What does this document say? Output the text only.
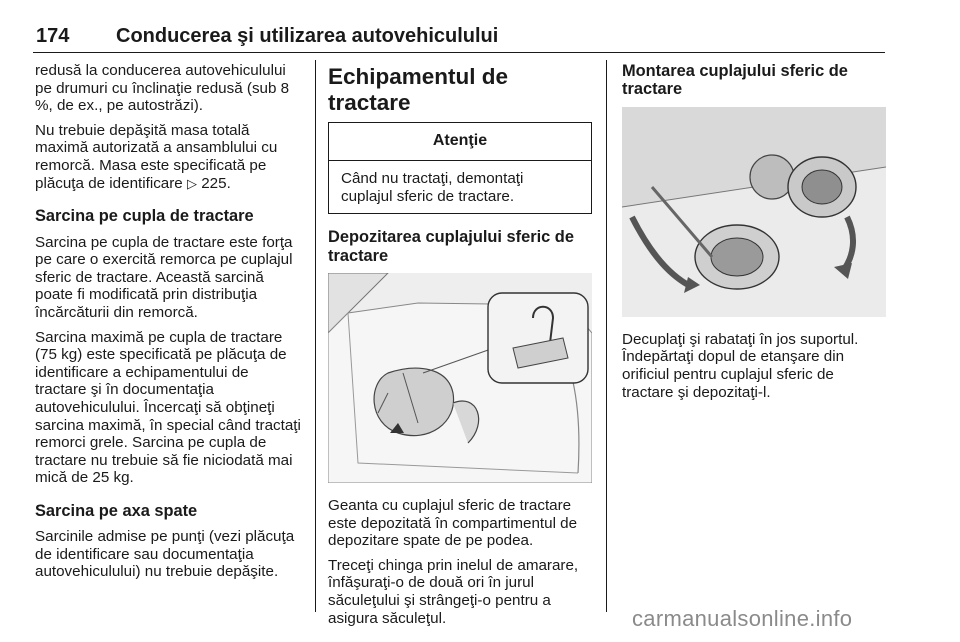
174 Conducerea şi utilizarea autovehiculului

redusă la conducerea autovehiculului pe drumuri cu înclinaţie redusă (sub 8 %, de ex., pe autostrăzi).

Nu trebuie depăşită masa totală maximă autorizată a ansamblului cu remorcă. Masa este specificată pe plăcuţa de identificare ▷ 225.

Sarcina pe cupla de tractare

Sarcina pe cupla de tractare este forţa pe care o exercită remorca pe cuplajul sferic de tractare. Această sarcină poate fi modificată prin distribuţia încărcăturii din remorcă.

Sarcina maximă pe cupla de tractare (75 kg) este specificată pe plăcuţa de identificare a echipamentului de tractare şi în documentaţia autovehiculului. Încercaţi să obţineţi sarcina maximă, în special când tractaţi remorci grele. Sarcina pe cupla de tractare nu trebuie să fie niciodată mai mică de 25 kg.

Sarcina pe axa spate

Sarcinile admise pe punţi (vezi plăcuţa de identificare sau documentaţia autovehiculului) nu trebuie depăşite.

Echipamentul de tractare
Atenţie
Când nu tractaţi, demontaţi cuplajul sferic de tractare.
Depozitarea cuplajului sferic de tractare

Geanta cu cuplajul sferic de tractare este depozitată în compartimentul de depozitare spate de pe podea.

Treceţi chinga prin inelul de amarare, înfăşuraţi-o de două ori în jurul săculeţului şi strângeţi-o pentru a asigura săculeţul.

Montarea cuplajului sferic de tractare

Decuplaţi şi rabataţi în jos suportul. Îndepărtaţi dopul de etanşare din orificiul pentru cuplajul sferic de tractare şi depozitaţi-l.

carmanualsonline.info
